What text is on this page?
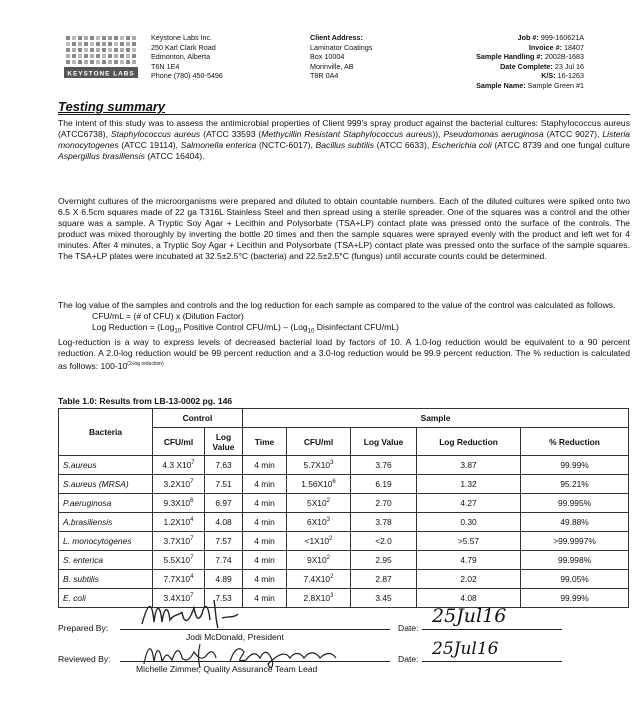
KEYSTONE LABS
Keystone Labs Inc.
250 Karl Clark Road
Edmonton, Alberta
T6N 1E4
Phone (780) 450-5496
Client Address:
Laminator Coatings
Box 10004
Morinville, AB
T8R 0A4
Job #: 999-160621A
Invoice #: 18407
Sample Handling #: 2002B-1683
Date Complete: 23 Jul 16
K/S: 16-1263
Sample Name: Sample Green #1
Testing summary
The intent of this study was to assess the antimicrobial properties of Client 999's spray product against the bacterial cultures: Staphylococcus aureus (ATCC6738), Staphylococcus aureus (ATCC 33593 (Methycillin Resistant Staphylococcus aureus)), Pseudomonas aeruginosa (ATCC 9027), Listeria monocytogenes (ATCC 19114), Salmonella enterica (NCTC-6017), Bacillus subtilis (ATCC 6633), Escherichia coli (ATCC 8739 and one fungal culture Aspergillus brasiliensis (ATCC 16404).
Overnight cultures of the microorganisms were prepared and diluted to obtain countable numbers. Each of the diluted cultures were spiked onto two 6.5 X 6.5cm squares made of 22 ga T316L Stainless Steel and then spread using a sterile spreader. One of the squares was a control and the other square was a sample. A Tryptic Soy Agar + Lecithin and Polysorbate (TSA+LP) contact plate was pressed onto the surface of the controls. The product was mixed thoroughly by inverting the bottle 20 times and then the sample squares were sprayed evenly with the product and left wet for 4 minutes. After 4 minutes, a Tryptic Soy Agar + Lecithin and Polysorbate (TSA+LP) contact plate was pressed onto the surface of the sample squares. The TSA+LP plates were incubated at 32.5±2.5°C (bacteria) and 22.5±2.5°C (fungus) until accurate counts could be determined.
The log value of the samples and controls and the log reduction for each sample as compared to the value of the control was calculated as follows.
CFU/mL = (# of CFU) x (Dilution Factor)
Log Reduction = (Log$_{10}$ Positive Control CFU/mL) – (Log$_{10}$ Disinfectant CFU/mL)
Log-reduction is a way to express levels of decreased bacterial load by factors of 10. A 1.0-log reduction would be equivalent to a 90 percent reduction. A 2.0-log reduction would be 99 percent reduction and a 3.0-log reduction would be 99.9 percent reduction. The % reduction is calculated as follows: $100-10^{(2-log reduction)}$
Table 1.0: Results from LB-13-0002 pg. 146
Bacteria	Control		Sample				
	CFU/ml	Log Value	Time	CFU/ml	Log Value	Log Reduction	% Reduction
S.aureus	4.3 $X10^7$	7.63	4 min	$5.7X10^3$	3.76	3.87	99.99%
S.aureus (MRSA)	$3.2X10^7$	7.51	4 min	$1.56X10^6$	6.19	1.32	95.21%
P.aeruginosa	$9.3X10^6$	6.97	4 min	$5X10^2$	2.70	4.27	99.995%
A.brasiliensis	$1.2X10^4$	4.08	4 min	$6X10^3$	3.78	0.30	49.88%
L. monocytogenes	$3.7X10^7$	7.57	4 min	$<1X10^2$	<2.0	>5.57	>99.9997%
S. enterica	$5.5X10^7$	7.74	4 min	$9X10^2$	2.95	4.79	99.998%
B. subtilis	$7.7X10^4$	4.89	4 min	$7.4X10^2$	2.87	2.02	99.05%
E. coli	$3.4X10^7$	7.53	4 min	$2.8X10^3$	3.45	4.08	99.99%
Prepared By:
Jodi McDonald, President
Date:
25Jul16
Reviewed By:
Michelle Zimmer, Quality Assurance Team Lead
Date: 25Jul16
